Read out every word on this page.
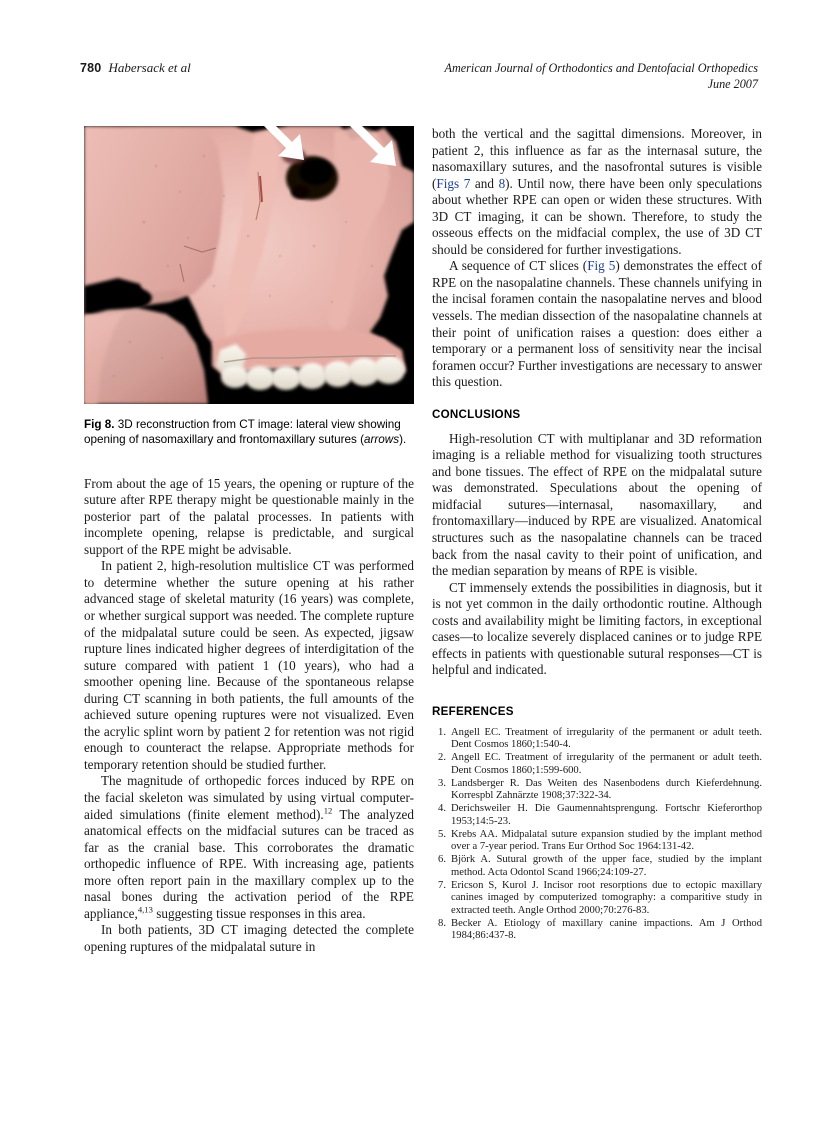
780 Habersack et al	American Journal of Orthodontics and Dentofacial Orthopedics
June 2007
Fig 8. 3D reconstruction from CT image: lateral view showing opening of nasomaxillary and frontomaxillary sutures (arrows).

From about the age of 15 years, the opening or rupture of the suture after RPE therapy might be questionable mainly in the posterior part of the palatal processes. In patients with incomplete opening, relapse is predictable, and surgical support of the RPE might be advisable.

In patient 2, high-resolution multislice CT was performed to determine whether the suture opening at his rather advanced stage of skeletal maturity (16 years) was complete, or whether surgical support was needed. The complete rupture of the midpalatal suture could be seen. As expected, jigsaw rupture lines indicated higher degrees of interdigitation of the suture compared with patient 1 (10 years), who had a smoother opening line. Because of the spontaneous relapse during CT scanning in both patients, the full amounts of the achieved suture opening ruptures were not visualized. Even the acrylic splint worn by patient 2 for retention was not rigid enough to counteract the relapse. Appropriate methods for temporary retention should be studied further.

The magnitude of orthopedic forces induced by RPE on the facial skeleton was simulated by using virtual computer-aided simulations (finite element method).$^{12}$ The analyzed anatomical effects on the midfacial sutures can be traced as far as the cranial base. This corroborates the dramatic orthopedic influence of RPE. With increasing age, patients more often report pain in the maxillary complex up to the nasal bones during the activation period of the RPE appliance,$^{4,13}$ suggesting tissue responses in this area.

In both patients, 3D CT imaging detected the complete opening ruptures of the midpalatal suture in

both the vertical and the sagittal dimensions. Moreover, in patient 2, this influence as far as the internasal suture, the nasomaxillary sutures, and the nasofrontal sutures is visible (Figs 7 and 8). Until now, there have been only speculations about whether RPE can open or widen these structures. With 3D CT imaging, it can be shown. Therefore, to study the osseous effects on the midfacial complex, the use of 3D CT should be considered for further investigations.

A sequence of CT slices (Fig 5) demonstrates the effect of RPE on the nasopalatine channels. These channels unifying in the incisal foramen contain the nasopalatine nerves and blood vessels. The median dissection of the nasopalatine channels at their point of unification raises a question: does either a temporary or a permanent loss of sensitivity near the incisal foramen occur? Further investigations are necessary to answer this question.

CONCLUSIONS

High-resolution CT with multiplanar and 3D reformation imaging is a reliable method for visualizing tooth structures and bone tissues. The effect of RPE on the midpalatal suture was demonstrated. Speculations about the opening of midfacial sutures—internasal, nasomaxillary, and frontomaxillary—induced by RPE are visualized. Anatomical structures such as the nasopalatine channels can be traced back from the nasal cavity to their point of unification, and the median separation by means of RPE is visible.

CT immensely extends the possibilities in diagnosis, but it is not yet common in the daily orthodontic routine. Although costs and availability might be limiting factors, in exceptional cases—to localize severely displaced canines or to judge RPE effects in patients with questionable sutural responses—CT is helpful and indicated.

REFERENCES
Angell EC. Treatment of irregularity of the permanent or adult teeth. Dent Cosmos 1860;1:540-4.
Angell EC. Treatment of irregularity of the permanent or adult teeth. Dent Cosmos 1860;1:599-600.
Landsberger R. Das Weiten des Nasenbodens durch Kieferdehnung. Korrespbl Zahnärzte 1908;37:322-34.
Derichsweiler H. Die Gaumennahtsprengung. Fortschr Kieferorthop 1953;14:5-23.
Krebs AA. Midpalatal suture expansion studied by the implant method over a 7-year period. Trans Eur Orthod Soc 1964:131-42.
Björk A. Sutural growth of the upper face, studied by the implant method. Acta Odontol Scand 1966;24:109-27.
Ericson S, Kurol J. Incisor root resorptions due to ectopic maxillary canines imaged by computerized tomography: a comparitive study in extracted teeth. Angle Orthod 2000;70:276-83.
Becker A. Etiology of maxillary canine impactions. Am J Orthod 1984;86:437-8.
